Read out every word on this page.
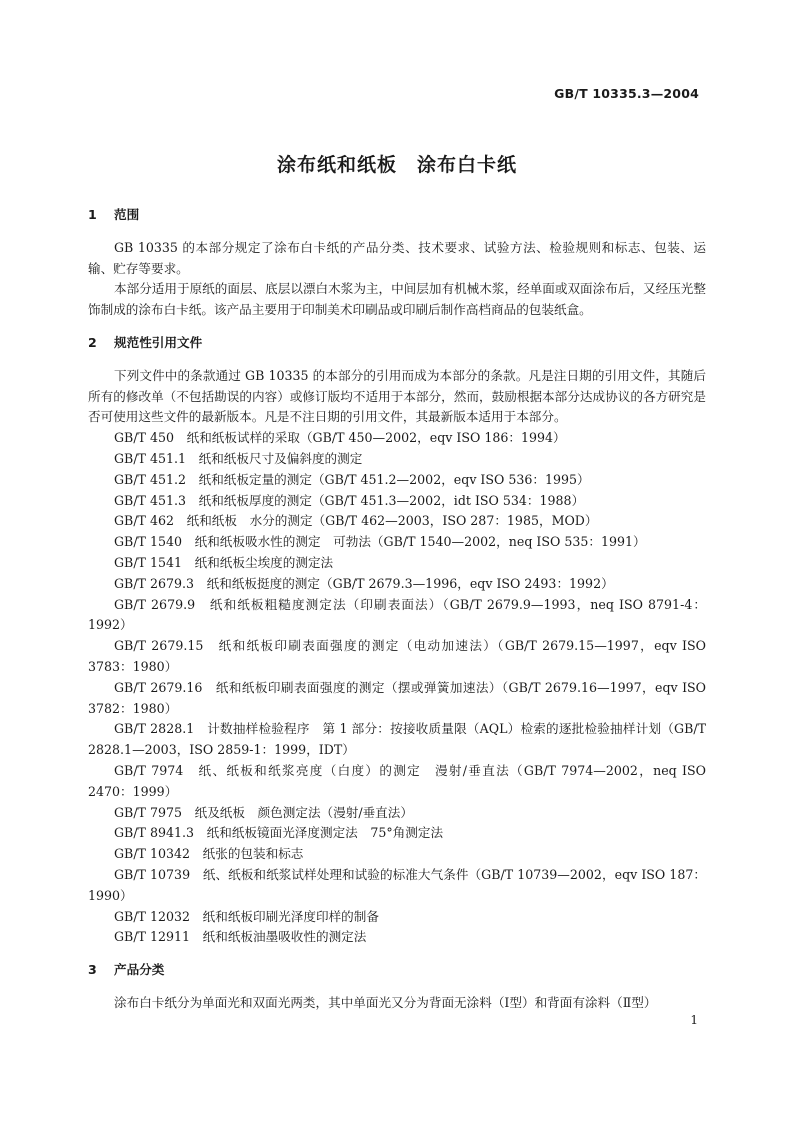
GB/T 10335.3—2004
涂布纸和纸板　涂布白卡纸
1 范围

GB 10335 的本部分规定了涂布白卡纸的产品分类、技术要求、试验方法、检验规则和标志、包装、运输、贮存等要求。

本部分适用于原纸的面层、底层以漂白木浆为主，中间层加有机械木浆，经单面或双面涂布后，又经压光整饰制成的涂布白卡纸。该产品主要用于印制美术印刷品或印刷后制作高档商品的包装纸盒。

2 规范性引用文件

下列文件中的条款通过 GB 10335 的本部分的引用而成为本部分的条款。凡是注日期的引用文件，其随后所有的修改单（不包括勘误的内容）或修订版均不适用于本部分，然而，鼓励根据本部分达成协议的各方研究是否可使用这些文件的最新版本。凡是不注日期的引用文件，其最新版本适用于本部分。

GB/T 450　 纸和纸板试样的采取（GB/T 450—2002，eqv ISO 186：1994）

GB/T 451.1　 纸和纸板尺寸及偏斜度的测定

GB/T 451.2　 纸和纸板定量的测定（GB/T 451.2—2002，eqv ISO 536：1995）

GB/T 451.3　 纸和纸板厚度的测定（GB/T 451.3—2002，idt ISO 534：1988）

GB/T 462　 纸和纸板　水分的测定（GB/T 462—2003，ISO 287：1985，MOD）

GB/T 1540　 纸和纸板吸水性的测定　可勃法（GB/T 1540—2002，neq ISO 535：1991）

GB/T 1541　 纸和纸板尘埃度的测定法

GB/T 2679.3　 纸和纸板挺度的测定（GB/T 2679.3—1996，eqv ISO 2493：1992）

GB/T 2679.9　 纸和纸板粗糙度测定法（印刷表面法）（GB/T 2679.9—1993，neq ISO 8791-4：1992）

GB/T 2679.15　 纸和纸板印刷表面强度的测定（电动加速法）（GB/T 2679.15—1997，eqv ISO 3783：1980）

GB/T 2679.16　 纸和纸板印刷表面强度的测定（摆或弹簧加速法）（GB/T 2679.16—1997，eqv ISO 3782：1980）

GB/T 2828.1　 计数抽样检验程序　第 1 部分：按接收质量限（AQL）检索的逐批检验抽样计划（GB/T 2828.1—2003，ISO 2859-1：1999，IDT）

GB/T 7974　 纸、纸板和纸浆亮度（白度）的测定　漫射/垂直法（GB/T 7974—2002，neq ISO 2470：1999）

GB/T 7975　 纸及纸板　颜色测定法（漫射/垂直法）

GB/T 8941.3　 纸和纸板镜面光泽度测定法　75°角测定法

GB/T 10342　 纸张的包装和标志

GB/T 10739　 纸、纸板和纸浆试样处理和试验的标准大气条件（GB/T 10739—2002，eqv ISO 187：1990）

GB/T 12032　 纸和纸板印刷光泽度印样的制备

GB/T 12911　 纸和纸板油墨吸收性的测定法

3 产品分类

涂布白卡纸分为单面光和双面光两类，其中单面光又分为背面无涂料（Ⅰ型）和背面有涂料（Ⅱ型）

1
